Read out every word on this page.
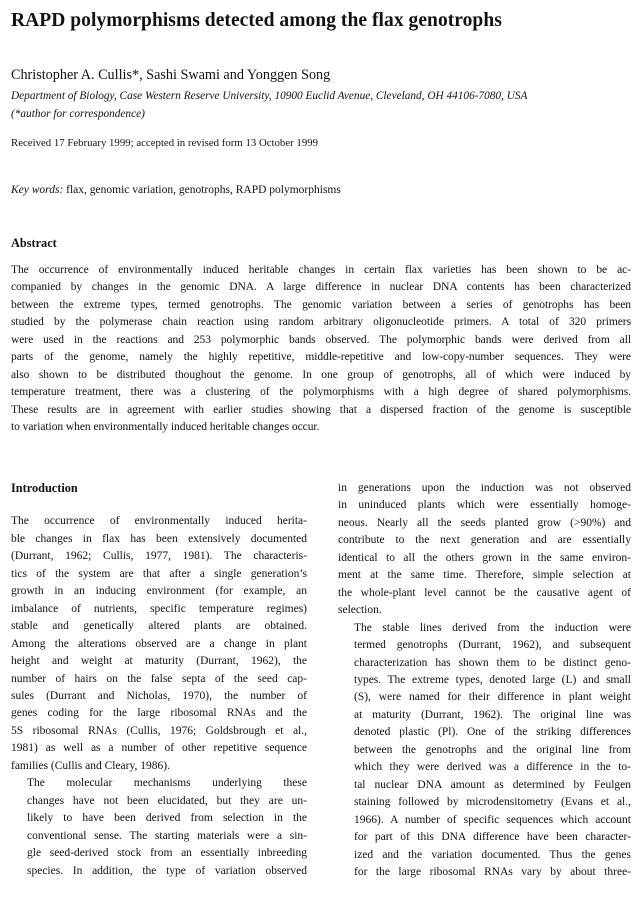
RAPD polymorphisms detected among the flax genotrophs
Christopher A. Cullis*, Sashi Swami and Yonggen Song
Department of Biology, Case Western Reserve University, 10900 Euclid Avenue, Cleveland, OH 44106-7080, USA
(*author for correspondence)
Received 17 February 1999; accepted in revised form 13 October 1999
Key words: flax, genomic variation, genotrophs, RAPD polymorphisms
Abstract
The occurrence of environmentally induced heritable changes in certain flax varieties has been shown to be ac-
companied by changes in the genomic DNA. A large difference in nuclear DNA contents has been characterized
between the extreme types, termed genotrophs. The genomic variation between a series of genotrophs has been
studied by the polymerase chain reaction using random arbitrary oligonucleotide primers. A total of 320 primers
were used in the reactions and 253 polymorphic bands observed. The polymorphic bands were derived from all
parts of the genome, namely the highly repetitive, middle-repetitive and low-copy-number sequences. They were
also shown to be distributed thoughout the genome. In one group of genotrophs, all of which were induced by
temperature treatment, there was a clustering of the polymorphisms with a high degree of shared polymorphisms.
These results are in agreement with earlier studies showing that a dispersed fraction of the genome is susceptible
to variation when environmentally induced heritable changes occur.
Introduction

The occurrence of environmentally induced herita-
ble changes in flax has been extensively documented
(Durrant, 1962; Cullis, 1977, 1981). The characteris-
tics of the system are that after a single generation’s
growth in an inducing environment (for example, an
imbalance of nutrients, specific temperature regimes)
stable and genetically altered plants are obtained.
Among the alterations observed are a change in plant
height and weight at maturity (Durrant, 1962), the
number of hairs on the false septa of the seed cap-
sules (Durrant and Nicholas, 1970), the number of
genes coding for the large ribosomal RNAs and the
5S ribosomal RNAs (Cullis, 1976; Goldsbrough et al.,
1981) as well as a number of other repetitive sequence
families (Cullis and Cleary, 1986).

The molecular mechanisms underlying these
changes have not been elucidated, but they are un-
likely to have been derived from selection in the
conventional sense. The starting materials were a sin-
gle seed-derived stock from an essentially inbreeding
species. In addition, the type of variation observed

in generations upon the induction was not observed
in uninduced plants which were essentially homoge-
neous. Nearly all the seeds planted grow (>90%) and
contribute to the next generation and are essentially
identical to all the others grown in the same environ-
ment at the same time. Therefore, simple selection at
the whole-plant level cannot be the causative agent of
selection.

The stable lines derived from the induction were
termed genotrophs (Durrant, 1962), and subsequent
characterization has shown them to be distinct geno-
types. The extreme types, denoted large (L) and small
(S), were named for their difference in plant weight
at maturity (Durrant, 1962). The original line was
denoted plastic (Pl). One of the striking differences
between the genotrophs and the original line from
which they were derived was a difference in the to-
tal nuclear DNA amount as determined by Feulgen
staining followed by microdensitometry (Evans et al.,
1966). A number of specific sequences which account
for part of this DNA difference have been character-
ized and the variation documented. Thus the genes
for the large ribosomal RNAs vary by about three-
